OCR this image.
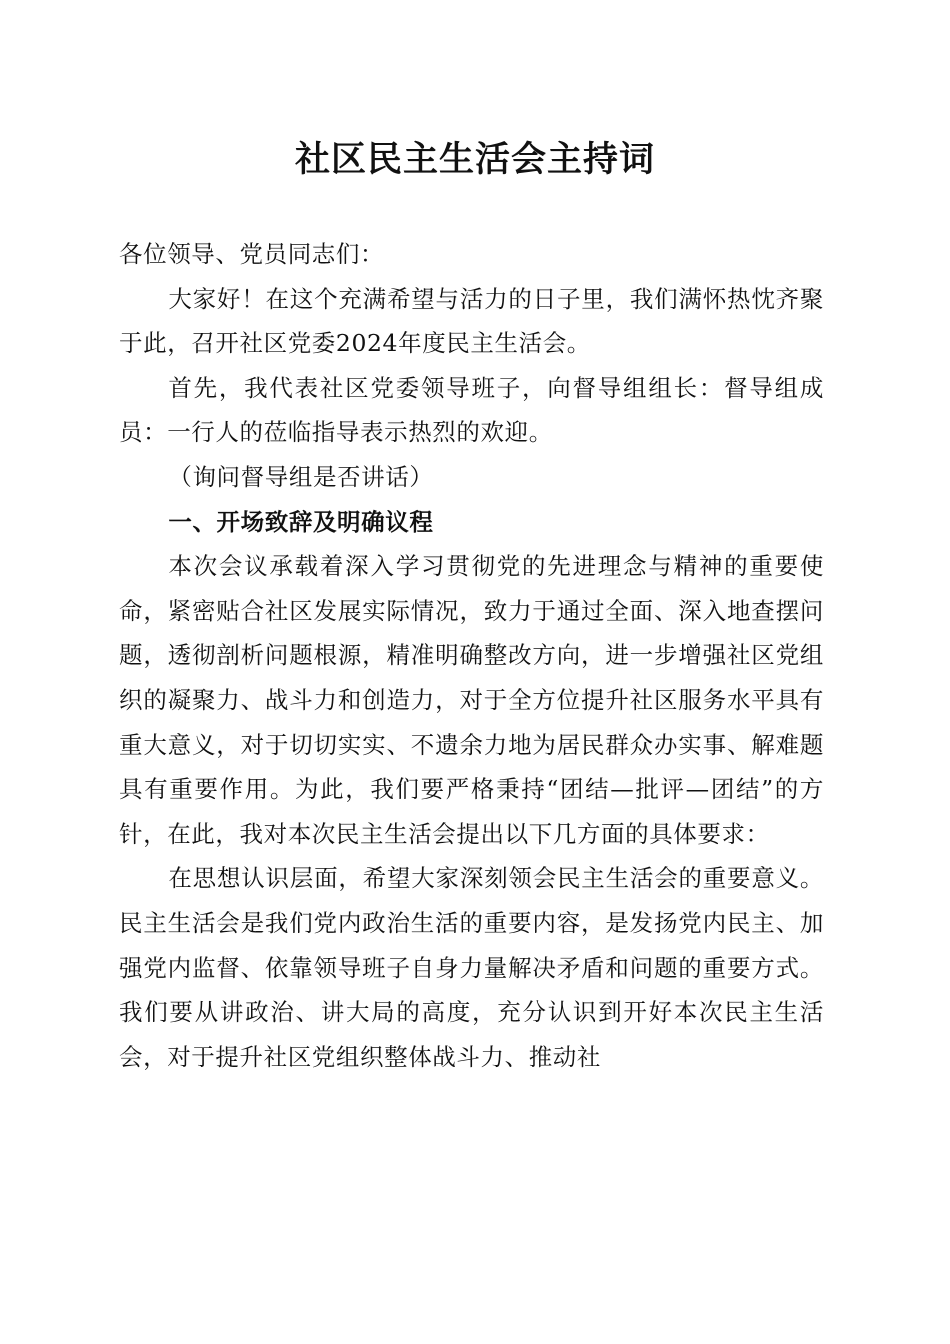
社区民主生活会主持词

各位领导、党员同志们：

大家好！在这个充满希望与活力的日子里，我们满怀热忱齐聚于此，召开社区党委2024年度民主生活会。

首先，我代表社区党委领导班子，向督导组组长：督导组成员：一行人的莅临指导表示热烈的欢迎。

（询问督导组是否讲话）

一、开场致辞及明确议程

本次会议承载着深入学习贯彻党的先进理念与精神的重要使命，紧密贴合社区发展实际情况，致力于通过全面、深入地查摆问题，透彻剖析问题根源，精准明确整改方向，进一步增强社区党组织的凝聚力、战斗力和创造力，对于全方位提升社区服务水平具有重大意义，对于切切实实、不遗余力地为居民群众办实事、解难题具有重要作用。为此，我们要严格秉持“团结—批评—团结”的方针，在此，我对本次民主生活会提出以下几方面的具体要求：

在思想认识层面，希望大家深刻领会民主生活会的重要意义。民主生活会是我们党内政治生活的重要内容，是发扬党内民主、加强党内监督、依靠领导班子自身力量解决矛盾和问题的重要方式。我们要从讲政治、讲大局的高度，充分认识到开好本次民主生活会，对于提升社区党组织整体战斗力、推动社
